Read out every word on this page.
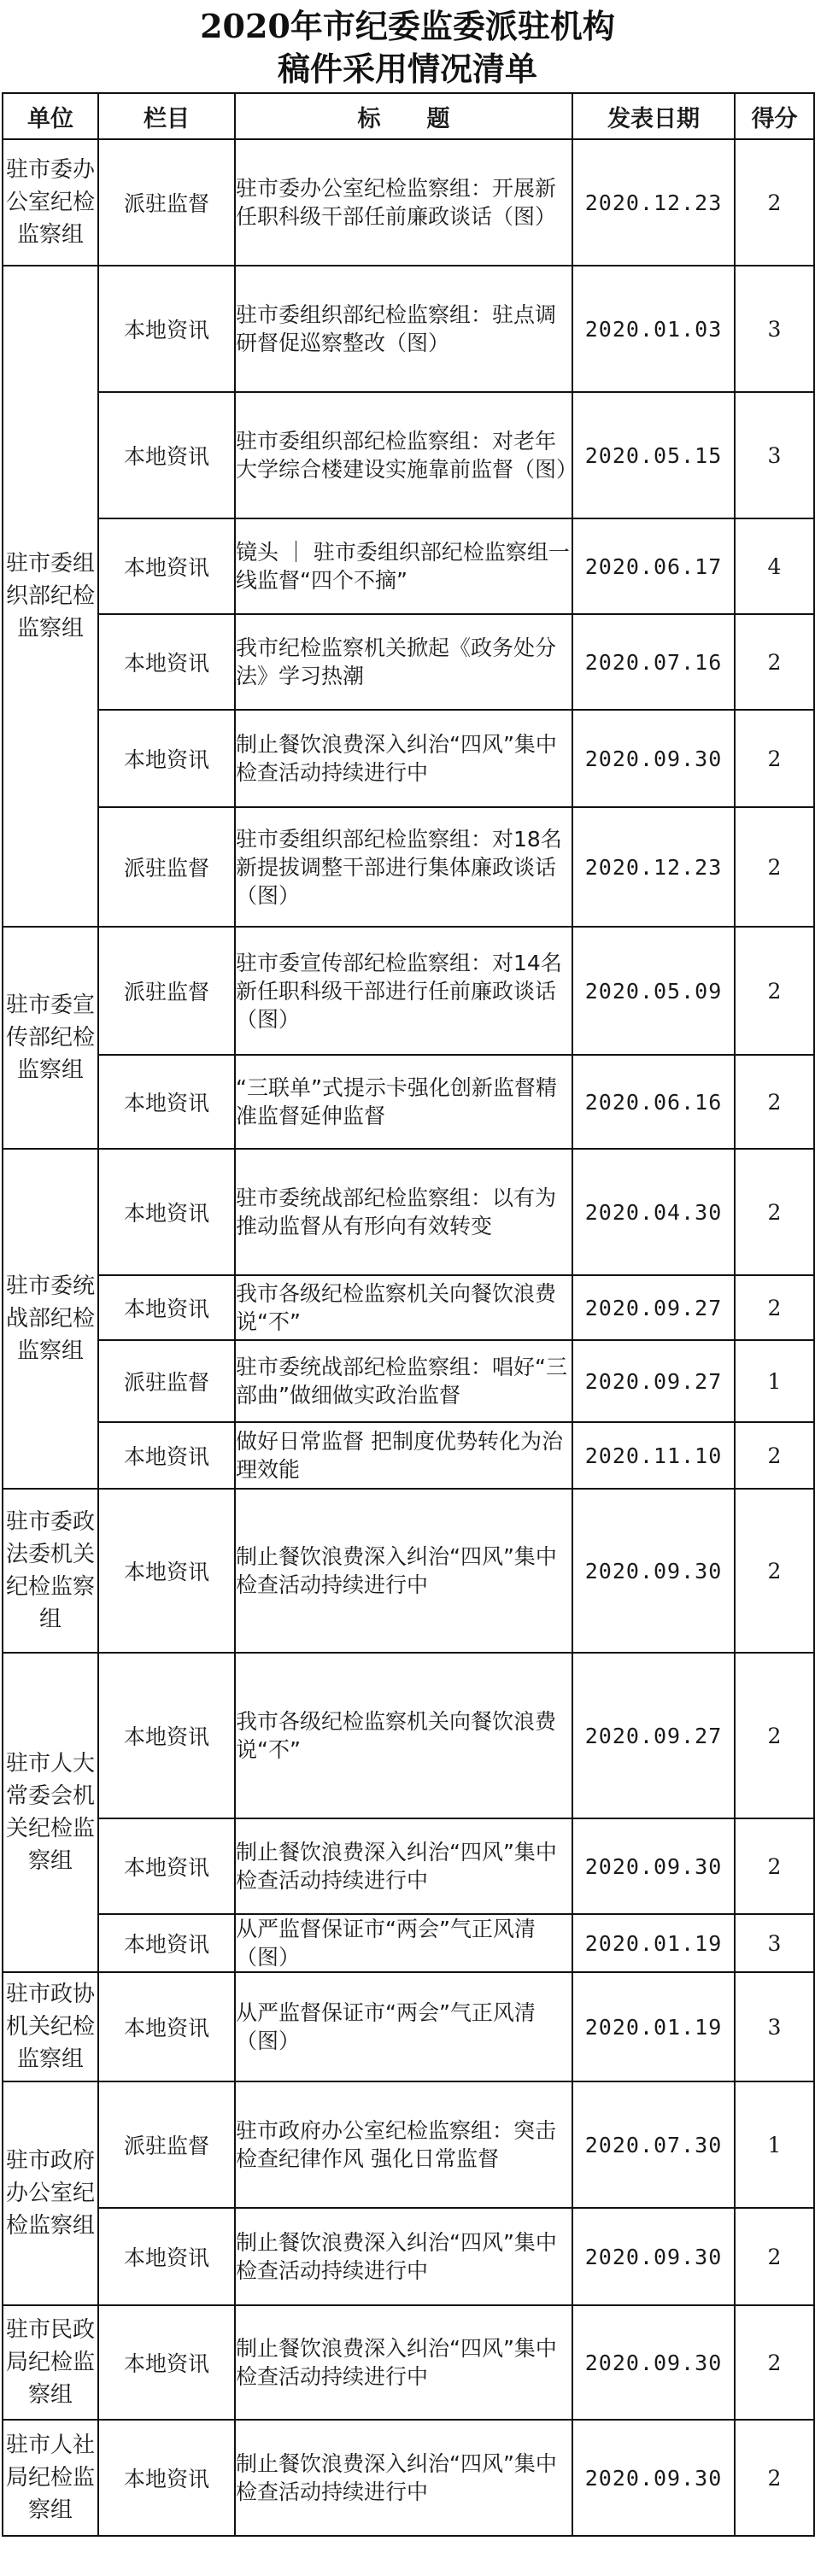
2020年市纪委监委派驻机构
稿件采用情况清单
单位	栏目	标　　题	发表日期	得分
驻市委办公室纪检监察组	派驻监督	驻市委办公室纪检监察组：开展新任职科级干部任前廉政谈话（图）	2020.12.23	2
驻市委组织部纪检监察组	本地资讯	驻市委组织部纪检监察组：驻点调研督促巡察整改（图）	2020.01.03	3
	本地资讯	驻市委组织部纪检监察组：对老年大学综合楼建设实施靠前监督（图）	2020.05.15	3
	本地资讯	镜头 ｜ 驻市委组织部纪检监察组一线监督“四个不摘”	2020.06.17	4
	本地资讯	我市纪检监察机关掀起《政务处分法》学习热潮	2020.07.16	2
	本地资讯	制止餐饮浪费深入纠治“四风”集中检查活动持续进行中	2020.09.30	2
	派驻监督	驻市委组织部纪检监察组：对18名新提拔调整干部进行集体廉政谈话（图）	2020.12.23	2
驻市委宣传部纪检监察组	派驻监督	驻市委宣传部纪检监察组：对14名新任职科级干部进行任前廉政谈话（图）	2020.05.09	2
	本地资讯	“三联单”式提示卡强化创新监督精准监督延伸监督	2020.06.16	2
驻市委统战部纪检监察组	本地资讯	驻市委统战部纪检监察组：以有为推动监督从有形向有效转变	2020.04.30	2
	本地资讯	我市各级纪检监察机关向餐饮浪费说“不”	2020.09.27	2
	派驻监督	驻市委统战部纪检监察组：唱好“三部曲”做细做实政治监督	2020.09.27	1
	本地资讯	做好日常监督 把制度优势转化为治理效能	2020.11.10	2
驻市委政法委机关纪检监察组	本地资讯	制止餐饮浪费深入纠治“四风”集中检查活动持续进行中	2020.09.30	2
驻市人大常委会机关纪检监察组	本地资讯	我市各级纪检监察机关向餐饮浪费说“不”	2020.09.27	2
	本地资讯	制止餐饮浪费深入纠治“四风”集中检查活动持续进行中	2020.09.30	2
	本地资讯	从严监督保证市“两会”气正风清（图）	2020.01.19	3
驻市政协机关纪检监察组	本地资讯	从严监督保证市“两会”气正风清（图）	2020.01.19	3
驻市政府办公室纪检监察组	派驻监督	驻市政府办公室纪检监察组：突击检查纪律作风 强化日常监督	2020.07.30	1
	本地资讯	制止餐饮浪费深入纠治“四风”集中检查活动持续进行中	2020.09.30	2
驻市民政局纪检监察组	本地资讯	制止餐饮浪费深入纠治“四风”集中检查活动持续进行中	2020.09.30	2
驻市人社局纪检监察组	本地资讯	制止餐饮浪费深入纠治“四风”集中检查活动持续进行中	2020.09.30	2
